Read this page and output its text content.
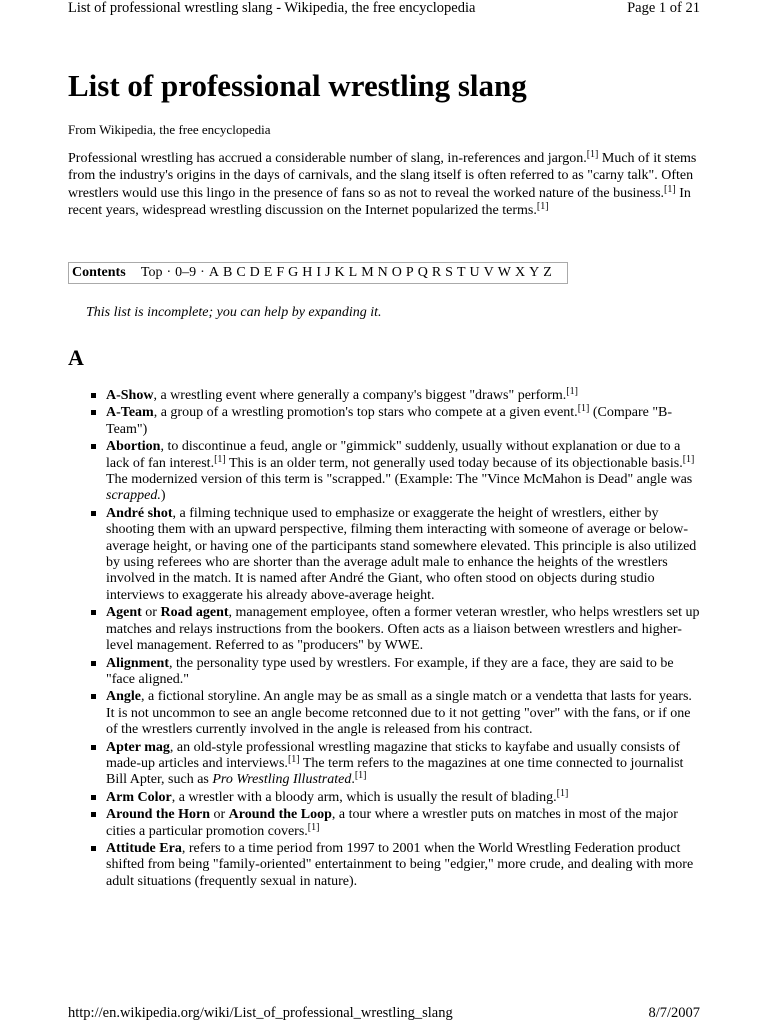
List of professional wrestling slang - Wikipedia, the free encyclopedia	Page 1 of 21
List of professional wrestling slang
From Wikipedia, the free encyclopedia

Professional wrestling has accrued a considerable number of slang, in-references and jargon.[1] Much of it stems from the industry's origins in the days of carnivals, and the slang itself is often referred to as "carny talk". Often wrestlers would use this lingo in the presence of fans so as not to reveal the worked nature of the business.[1] In recent years, widespread wrestling discussion on the Internet popularized the terms.[1]

Contents Top · 0–9 · A B C D E F G H I J K L M N O P Q R S T U V W X Y Z
This list is incomplete; you can help by expanding it.
A
A-Show, a wrestling event where generally a company's biggest "draws" perform.[1]
A-Team, a group of a wrestling promotion's top stars who compete at a given event.[1] (Compare "B-Team")
Abortion, to discontinue a feud, angle or "gimmick" suddenly, usually without explanation or due to a lack of fan interest.[1] This is an older term, not generally used today because of its objectionable basis.[1] The modernized version of this term is "scrapped." (Example: The "Vince McMahon is Dead" angle was scrapped.)
André shot, a filming technique used to emphasize or exaggerate the height of wrestlers, either by shooting them with an upward perspective, filming them interacting with someone of average or below-average height, or having one of the participants stand somewhere elevated. This principle is also utilized by using referees who are shorter than the average adult male to enhance the heights of the wrestlers involved in the match. It is named after André the Giant, who often stood on objects during studio interviews to exaggerate his already above-average height.
Agent or Road agent, management employee, often a former veteran wrestler, who helps wrestlers set up matches and relays instructions from the bookers. Often acts as a liaison between wrestlers and higher-level management. Referred to as "producers" by WWE.
Alignment, the personality type used by wrestlers. For example, if they are a face, they are said to be "face aligned."
Angle, a fictional storyline. An angle may be as small as a single match or a vendetta that lasts for years. It is not uncommon to see an angle become retconned due to it not getting "over" with the fans, or if one of the wrestlers currently involved in the angle is released from his contract.
Apter mag, an old-style professional wrestling magazine that sticks to kayfabe and usually consists of made-up articles and interviews.[1] The term refers to the magazines at one time connected to journalist Bill Apter, such as Pro Wrestling Illustrated.[1]
Arm Color, a wrestler with a bloody arm, which is usually the result of blading.[1]
Around the Horn or Around the Loop, a tour where a wrestler puts on matches in most of the major cities a particular promotion covers.[1]
Attitude Era, refers to a time period from 1997 to 2001 when the World Wrestling Federation product shifted from being "family-oriented" entertainment to being "edgier," more crude, and dealing with more adult situations (frequently sexual in nature).
http://en.wikipedia.org/wiki/List_of_professional_wrestling_slang	8/7/2007
